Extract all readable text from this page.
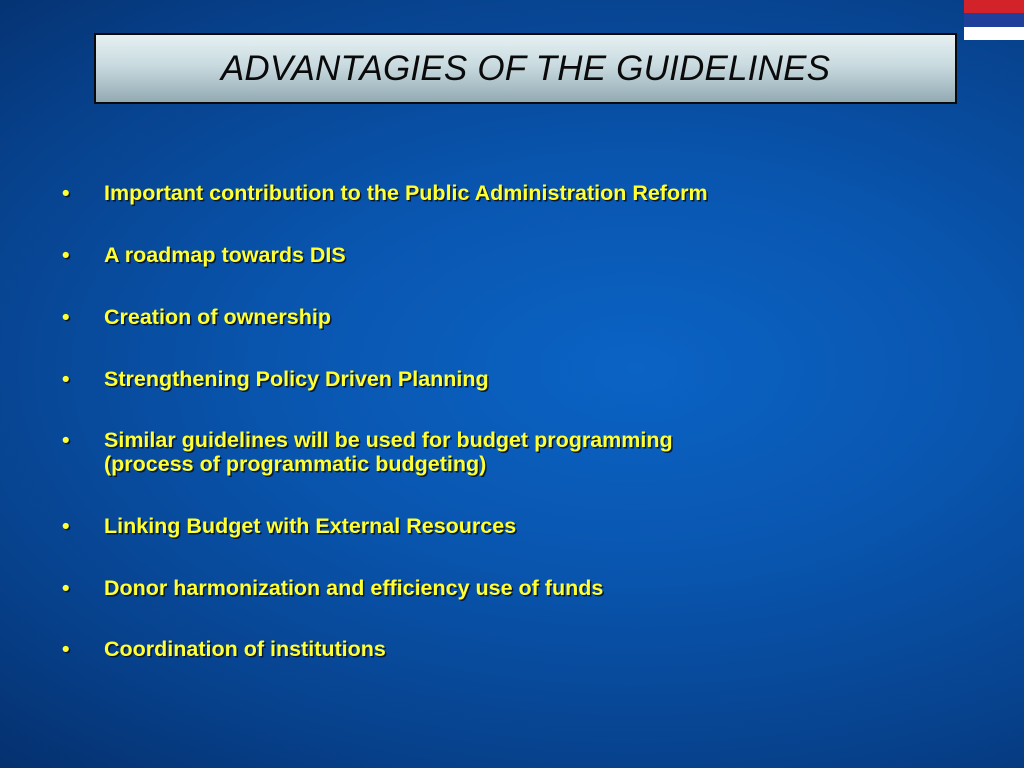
ADVANTAGIES OF THE GUIDELINES
•	Important contribution to the Public Administration Reform
•	A roadmap towards DIS
•	Creation of ownership
•	Strengthening Policy Driven Planning
•	Similar guidelines will be used for budget programming
(process of programmatic budgeting)
•	Linking Budget with External Resources
•	Donor harmonization and efficiency use of funds
•	Coordination of institutions
